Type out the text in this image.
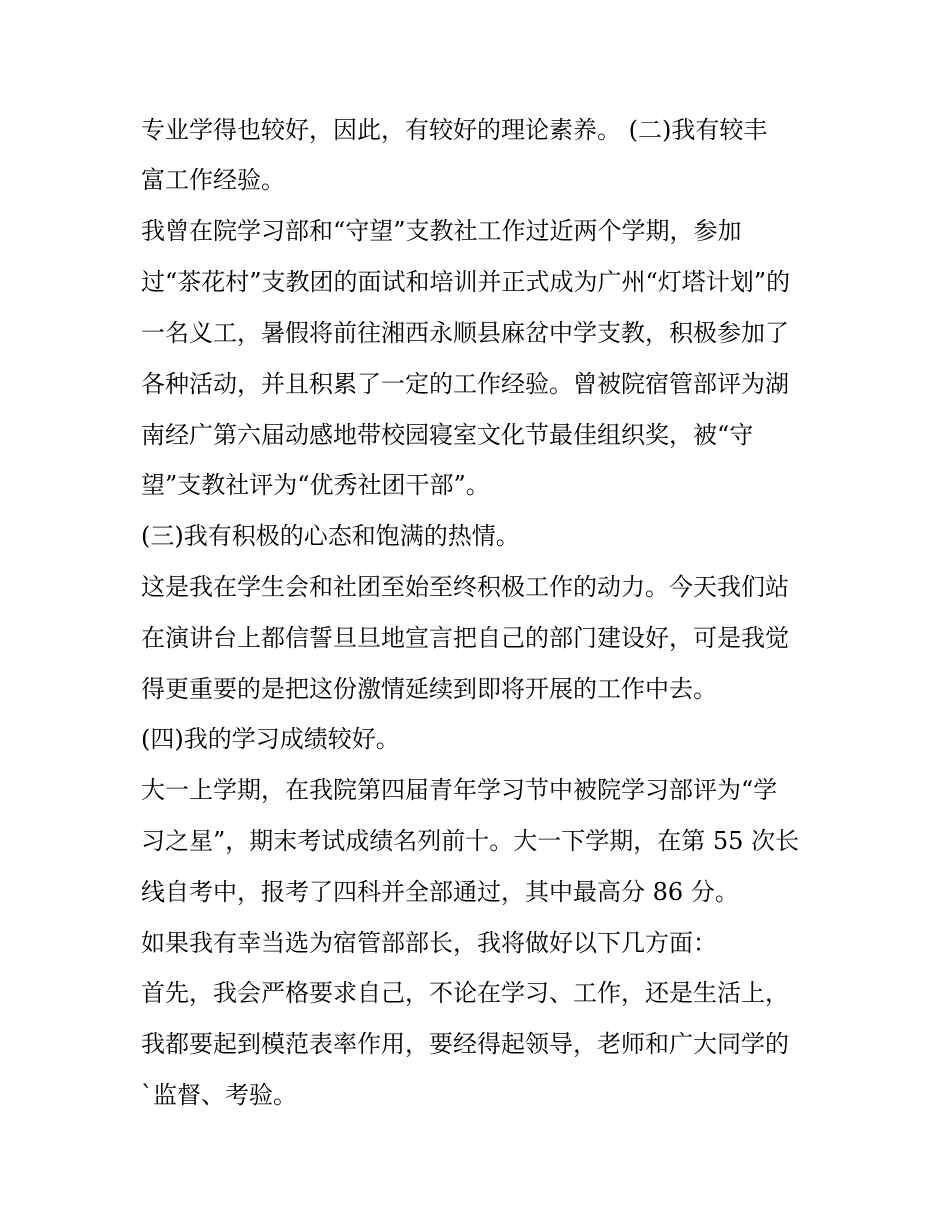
专业学得也较好，因此，有较好的理论素养。 (二)我有较丰
富工作经验。
我曾在院学习部和“守望”支教社工作过近两个学期，参加
过“茶花村”支教团的面试和培训并正式成为广州“灯塔计划”的
一名义工，暑假将前往湘西永顺县麻岔中学支教，积极参加了
各种活动，并且积累了一定的工作经验。曾被院宿管部评为湖
南经广第六届动感地带校园寝室文化节最佳组织奖，被“守
望”支教社评为“优秀社团干部”。
(三)我有积极的心态和饱满的热情。
这是我在学生会和社团至始至终积极工作的动力。今天我们站
在演讲台上都信誓旦旦地宣言把自己的部门建设好，可是我觉
得更重要的是把这份激情延续到即将开展的工作中去。
(四)我的学习成绩较好。
大一上学期，在我院第四届青年学习节中被院学习部评为“学
习之星”，期末考试成绩名列前十。大一下学期，在第 55 次长
线自考中，报考了四科并全部通过，其中最高分 86 分。
如果我有幸当选为宿管部部长，我将做好以下几方面：
首先，我会严格要求自己，不论在学习、工作，还是生活上，
我都要起到模范表率作用，要经得起领导，老师和广大同学的
`监督、考验。
